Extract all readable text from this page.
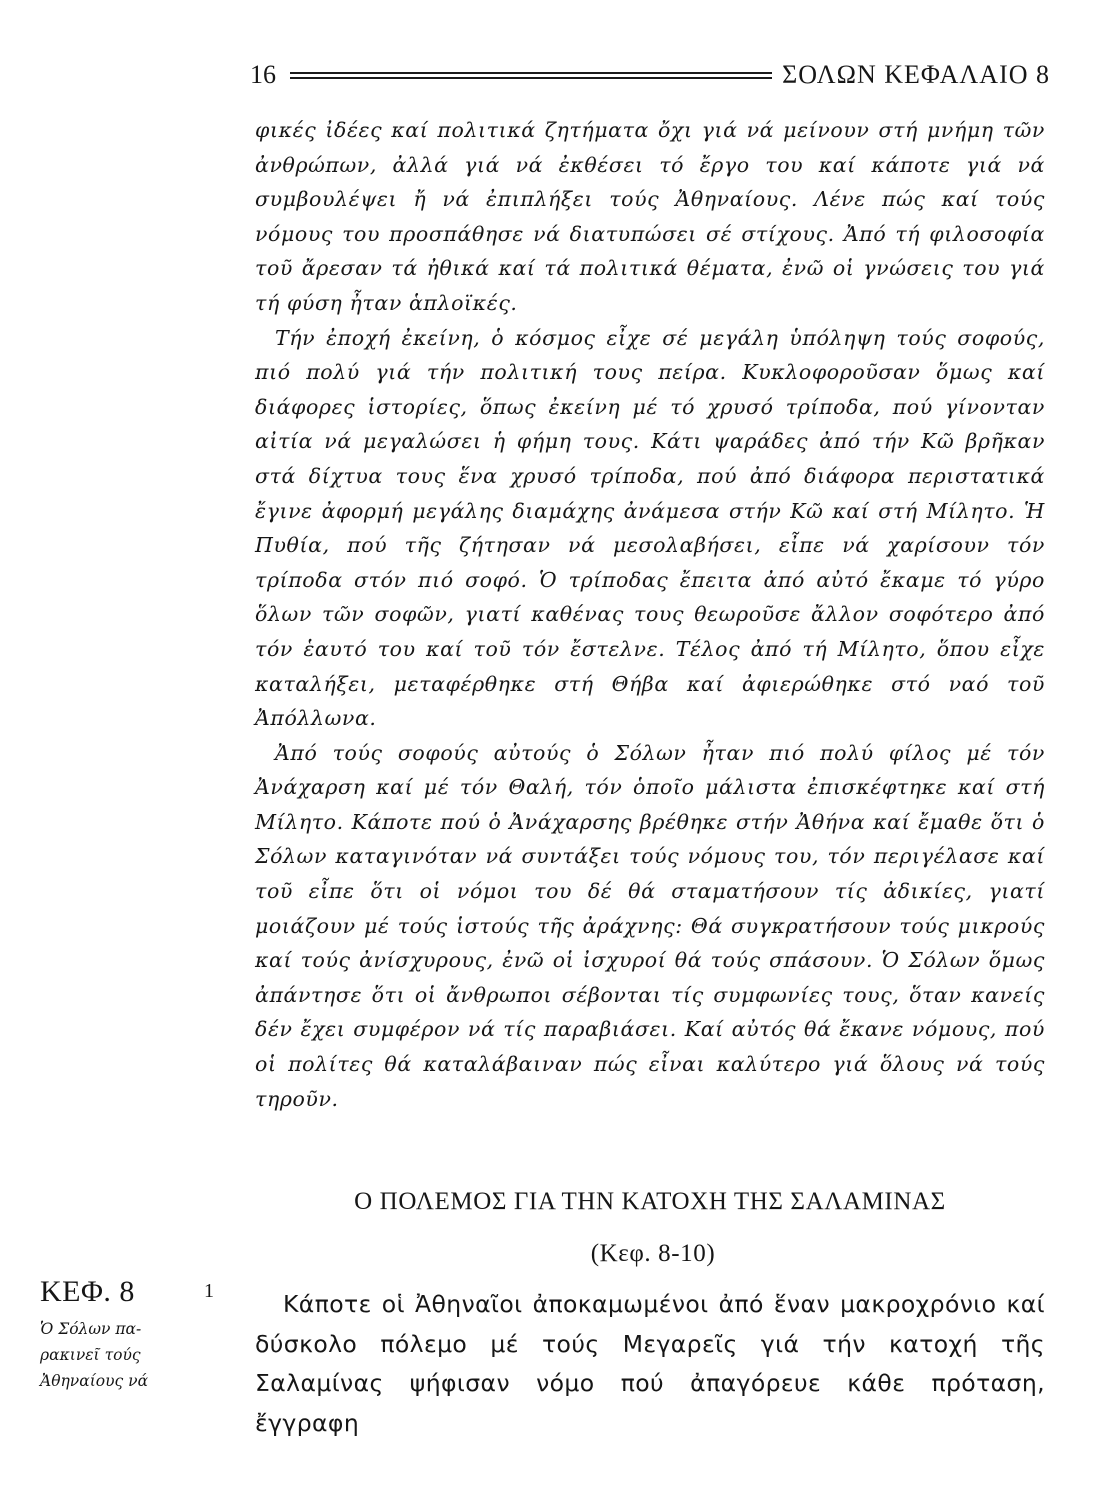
16	ΣΟΛΩΝ ΚΕΦΑΛΑΙΟ 8

φικές ἰδέες καί πολιτικά ζητήματα ὄχι γιά νά μείνουν στή μνήμη τῶν ἀνθρώπων, ἀλλά γιά νά ἐκθέσει τό ἔργο του καί κάποτε γιά νά συμβουλέψει ἤ νά ἐπιπλήξει τούς Ἀθηναίους. Λένε πώς καί τούς νόμους του προσπάθησε νά διατυπώσει σέ στίχους. Ἀπό τή φιλοσοφία τοῦ ἄρεσαν τά ἠθικά καί τά πολιτικά θέματα, ἐνῶ οἱ γνώσεις του γιά τή φύση ἦταν ἁπλοϊκές.

Τήν ἐποχή ἐκείνη, ὁ κόσμος εἶχε σέ μεγάλη ὑπόληψη τούς σοφούς, πιό πολύ γιά τήν πολιτική τους πείρα. Κυκλοφοροῦσαν ὅμως καί διάφορες ἱστορίες, ὅπως ἐκείνη μέ τό χρυσό τρίποδα, πού γίνονταν αἰτία νά μεγαλώσει ἡ φήμη τους. Κάτι ψαράδες ἀπό τήν Κῶ βρῆκαν στά δίχτυα τους ἕνα χρυσό τρίποδα, πού ἀπό διάφορα περιστατικά ἔγινε ἀφορμή μεγάλης διαμάχης ἀνάμεσα στήν Κῶ καί στή Μίλητο. Ἡ Πυθία, πού τῆς ζήτησαν νά μεσολαβήσει, εἶπε νά χαρίσουν τόν τρίποδα στόν πιό σοφό. Ὁ τρίποδας ἔπειτα ἀπό αὐτό ἔκαμε τό γύρο ὅλων τῶν σοφῶν, γιατί καθένας τους θεωροῦσε ἄλλον σοφότερο ἀπό τόν ἑαυτό του καί τοῦ τόν ἔστελνε. Τέλος ἀπό τή Μίλητο, ὅπου εἶχε καταλήξει, μεταφέρθηκε στή Θήβα καί ἀφιερώθηκε στό ναό τοῦ Ἀπόλλωνα.

Ἀπό τούς σοφούς αὐτούς ὁ Σόλων ἦταν πιό πολύ φίλος μέ τόν Ἀνάχαρση καί μέ τόν Θαλή, τόν ὁποῖο μάλιστα ἐπισκέφτηκε καί στή Μίλητο. Κάποτε πού ὁ Ἀνάχαρσης βρέθηκε στήν Ἀθήνα καί ἔμαθε ὅτι ὁ Σόλων καταγινόταν νά συντάξει τούς νόμους του, τόν περιγέλασε καί τοῦ εἶπε ὅτι οἱ νόμοι του δέ θά σταματήσουν τίς ἀδικίες, γιατί μοιάζουν μέ τούς ἱστούς τῆς ἀράχνης: Θά συγκρατήσουν τούς μικρούς καί τούς ἀνίσχυρους, ἐνῶ οἱ ἰσχυροί θά τούς σπάσουν. Ὁ Σόλων ὅμως ἀπάντησε ὅτι οἱ ἄνθρωποι σέβονται τίς συμφωνίες τους, ὅταν κανείς δέν ἔχει συμφέρον νά τίς παραβιάσει. Καί αὐτός θά ἔκανε νόμους, πού οἱ πολίτες θά καταλάβαιναν πώς εἶναι καλύτερο γιά ὅλους νά τούς τηροῦν.

Ο ΠΟΛΕΜΟΣ ΓΙΑ ΤΗΝ ΚΑΤΟΧΗ ΤΗΣ ΣΑΛΑΜΙΝΑΣ
(Κεφ. 8-10)
ΚΕΦ. 8
Ὁ Σόλων πα-
ρακινεῖ τούς
Ἀθηναίους νά
1	Κάποτε οἱ Ἀθηναῖοι ἀποκαμωμένοι ἀπό ἕναν μακροχρόνιο καί δύσκολο πόλεμο μέ τούς Μεγαρεῖς γιά τήν κατοχή τῆς Σαλαμίνας ψήφισαν νόμο πού ἀπαγόρευε κάθε πρόταση, ἔγγραφη
